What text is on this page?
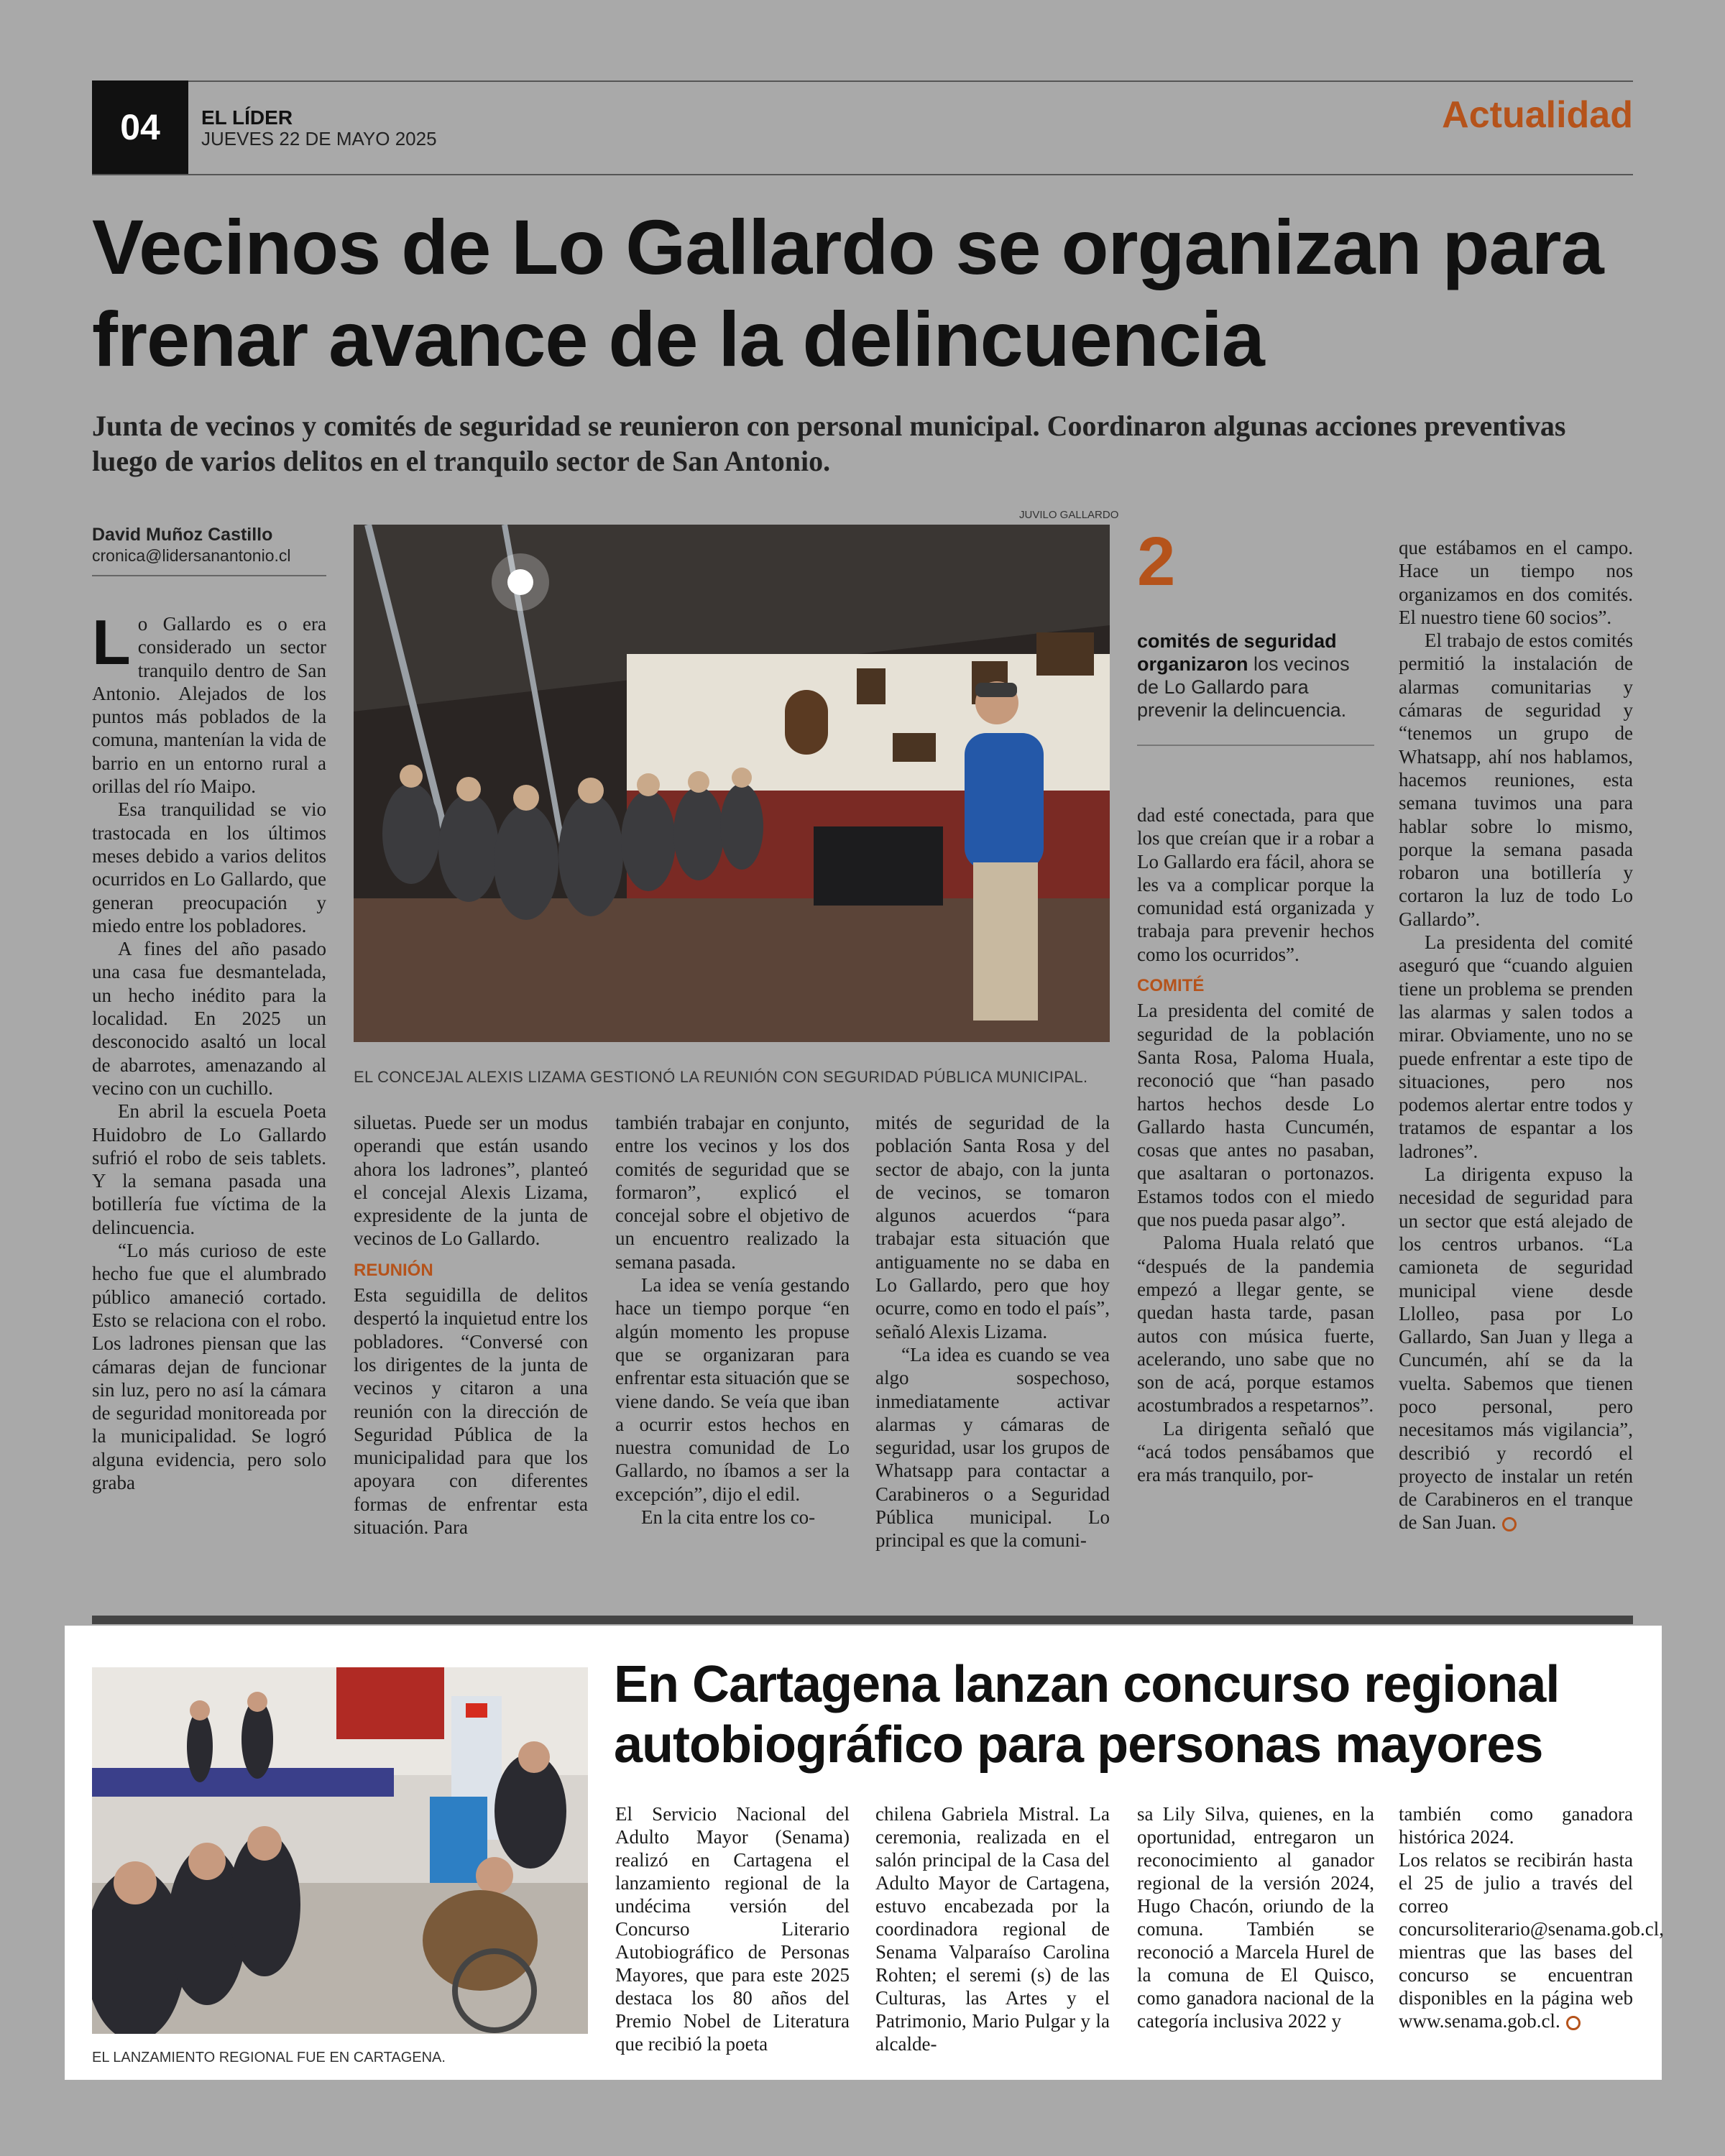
04	EL LÍDER
JUEVES 22 DE MAYO 2025
Actualidad
Vecinos de Lo Gallardo se organizan para frenar avance de la delincuencia
Junta de vecinos y comités de seguridad se reunieron con personal municipal. Coordinaron algunas acciones preventivas luego de varios delitos en el tranquilo sector de San Antonio.
David Muñoz Castillo
cronica@lidersanantonio.cl

Lo Gallardo es o era considerado un sector tranquilo dentro de San Antonio. Alejados de los puntos más poblados de la comuna, mantenían la vida de barrio en un entorno rural a orillas del río Maipo.

Esa tranquilidad se vio trastocada en los últimos meses debido a varios delitos ocurridos en Lo Gallardo, que generan preocupación y miedo entre los pobladores.

A fines del año pasado una casa fue desmantelada, un hecho inédito para la localidad. En 2025 un desconocido asaltó un local de abarrotes, amenazando al vecino con un cuchillo.

En abril la escuela Poeta Huidobro de Lo Gallardo sufrió el robo de seis tablets. Y la semana pasada una botillería fue víctima de la delincuencia.

“Lo más curioso de este hecho fue que el alumbrado público amaneció cortado. Esto se relaciona con el robo. Los ladrones piensan que las cámaras dejan de funcionar sin luz, pero no así la cámara de seguridad monitoreada por la municipalidad. Se logró alguna evidencia, pero solo graba

JUVILO GALLARDO
EL CONCEJAL ALEXIS LIZAMA GESTIONÓ LA REUNIÓN CON SEGURIDAD PÚBLICA MUNICIPAL.
2
comités de seguridad organizaron los vecinos de Lo Gallardo para prevenir la delincuencia.

siluetas. Puede ser un modus operandi que están usando ahora los ladrones”, planteó el concejal Alexis Lizama, expresidente de la junta de vecinos de Lo Gallardo.

REUNIÓN

Esta seguidilla de delitos despertó la inquietud entre los pobladores. “Conversé con los dirigentes de la junta de vecinos y citaron a una reunión con la dirección de Seguridad Pública de la municipalidad para que los apoyara con diferentes formas de enfrentar esta situación. Para

también trabajar en conjunto, entre los vecinos y los dos comités de seguridad que se formaron”, explicó el concejal sobre el objetivo de un encuentro realizado la semana pasada.

La idea se venía gestando hace un tiempo porque “en algún momento les propuse que se organizaran para enfrentar esta situación que se viene dando. Se veía que iban a ocurrir estos hechos en nuestra comunidad de Lo Gallardo, no íbamos a ser la excepción”, dijo el edil.

En la cita entre los co-

mités de seguridad de la población Santa Rosa y del sector de abajo, con la junta de vecinos, se tomaron algunos acuerdos “para trabajar esta situación que antiguamente no se daba en Lo Gallardo, pero que hoy ocurre, como en todo el país”, señaló Alexis Lizama.

“La idea es cuando se vea algo sospechoso, inmediatamente activar alarmas y cámaras de seguridad, usar los grupos de Whatsapp para contactar a Carabineros o a Seguridad Pública municipal. Lo principal es que la comuni-

dad esté conectada, para que los que creían que ir a robar a Lo Gallardo era fácil, ahora se les va a complicar porque la comunidad está organizada y trabaja para prevenir hechos como los ocurridos”.

COMITÉ

La presidenta del comité de seguridad de la población Santa Rosa, Paloma Huala, reconoció que “han pasado hartos hechos desde Lo Gallardo hasta Cuncumén, cosas que antes no pasaban, que asaltaran o portonazos. Estamos todos con el miedo que nos pueda pasar algo”.

Paloma Huala relató que “después de la pandemia empezó a llegar gente, se quedan hasta tarde, pasan autos con música fuerte, acelerando, uno sabe que no son de acá, porque estamos acostumbrados a respetarnos”.

La dirigenta señaló que “acá todos pensábamos que era más tranquilo, por-

que estábamos en el campo. Hace un tiempo nos organizamos en dos comités. El nuestro tiene 60 socios”.

El trabajo de estos comités permitió la instalación de alarmas comunitarias y cámaras de seguridad y “tenemos un grupo de Whatsapp, ahí nos hablamos, hacemos reuniones, esta semana tuvimos una para hablar sobre lo mismo, porque la semana pasada robaron una botillería y cortaron la luz de todo Lo Gallardo”.

La presidenta del comité aseguró que “cuando alguien tiene un problema se prenden las alarmas y salen todos a mirar. Obviamente, uno no se puede enfrentar a este tipo de situaciones, pero nos podemos alertar entre todos y tratamos de espantar a los ladrones”.

La dirigenta expuso la necesidad de seguridad para un sector que está alejado de los centros urbanos. “La camioneta de seguridad municipal viene desde Llolleo, pasa por Lo Gallardo, San Juan y llega a Cuncumén, ahí se da la vuelta. Sabemos que tienen poco personal, pero necesitamos más vigilancia”, describió y recordó el proyecto de instalar un retén de Carabineros en el tranque de San Juan.

EL LANZAMIENTO REGIONAL FUE EN CARTAGENA.
En Cartagena lanzan concurso regional autobiográfico para personas mayores

El Servicio Nacional del Adulto Mayor (Senama) realizó en Cartagena el lanzamiento regional de la undécima versión del Concurso Literario Autobiográfico de Personas Mayores, que para este 2025 destaca los 80 años del Premio Nobel de Literatura que recibió la poeta

chilena Gabriela Mistral. La ceremonia, realizada en el salón principal de la Casa del Adulto Mayor de Cartagena, estuvo encabezada por la coordinadora regional de Senama Valparaíso Carolina Rohten; el seremi (s) de las Culturas, las Artes y el Patrimonio, Mario Pulgar y la alcalde-

sa Lily Silva, quienes, en la oportunidad, entregaron un reconocimiento al ganador regional de la versión 2024, Hugo Chacón, oriundo de la comuna. También se reconoció a Marcela Hurel de la comuna de El Quisco, como ganadora nacional de la categoría inclusiva 2022 y

también como ganadora histórica 2024.

Los relatos se recibirán hasta el 25 de julio a través del correo concursoliterario@senama.gob.cl, mientras que las bases del concurso se encuentran disponibles en la página web www.senama.gob.cl.
